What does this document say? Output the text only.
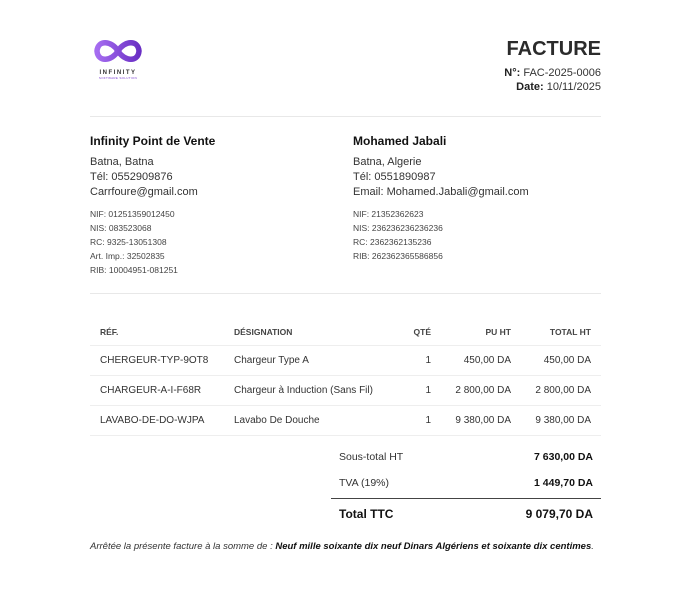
INFINITY
SOFTWARE SOLUTION
FACTURE
N°: FAC-2025-0006
Date: 10/11/2025
Infinity Point de Vente
Batna, Batna
Tél: 0552909876
Carrfoure@gmail.com
NIF: 01251359012450
NIS: 083523068
RC: 9325-13051308
Art. Imp.: 32502835
RIB: 10004951-081251
Mohamed Jabali
Batna, Algerie
Tél: 0551890987
Email: Mohamed.Jabali@gmail.com
NIF: 21352362623
NIS: 236236236236236
RC: 2362362135236
RIB: 262362365586856
RÉF.	DÉSIGNATION	QTÉ	PU HT	TOTAL HT
CHERGEUR-TYP-9OT8	Chargeur Type A	1	450,00 DA	450,00 DA
CHARGEUR-A-I-F68R	Chargeur à Induction (Sans Fil)	1	2 800,00 DA	2 800,00 DA
LAVABO-DE-DO-WJPA	Lavabo De Douche	1	9 380,00 DA	9 380,00 DA
Sous-total HT	7 630,00 DA
TVA (19%)	1 449,70 DA
Total TTC	9 079,70 DA
Arrêtée la présente facture à la somme de : Neuf mille soixante dix neuf Dinars Algériens et soixante dix centimes.
